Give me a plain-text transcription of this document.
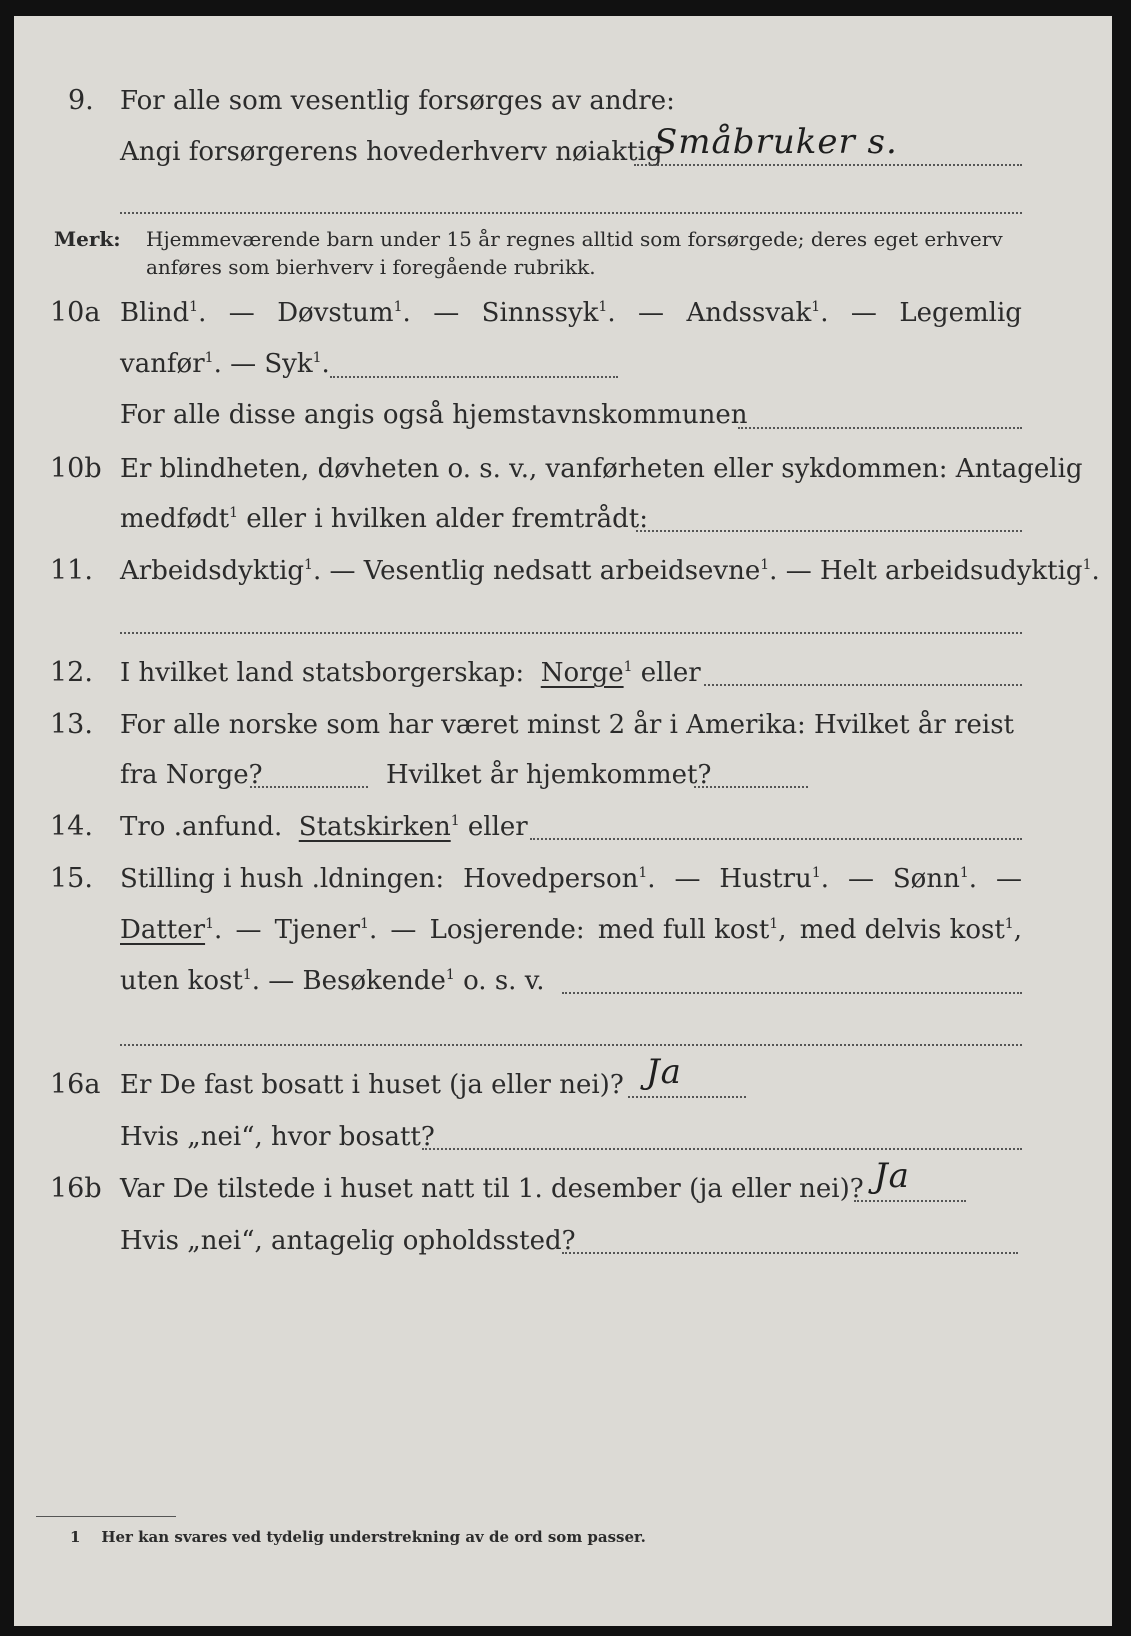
9. For alle som vesentlig forsørges av andre:
Angi forsørgerens hovederhverv nøiaktig
Småbruker s.
Merk: Hjemmeværende barn under 15 år regnes alltid som forsørgede; deres eget erhverv
anføres som bierhverv i foregående rubrikk.
10a Blind$^1$. — Døvstum$^1$. — Sinnssyk$^1$. — Andssvak$^1$. — Legemlig
vanfør$^1$. — Syk$^1$.
For alle disse angis også hjemstavnskommunen
10b Er blindheten, døvheten o. s. v., vanførheten eller sykdommen: Antagelig
medfødt$^1$ eller i hvilken alder fremtrådt:
11. Arbeidsdyktig$^1$. — Vesentlig nedsatt arbeidsevne$^1$. — Helt arbeidsudyktig$^1$.
12. I hvilket land statsborgerskap: Norge$^1$ eller
13. For alle norske som har været minst 2 år i Amerika: Hvilket år reist
fra Norge?	Hvilket år hjemkommet?
14. Tro .anfund. Statskirken$^1$ eller
15. Stilling i hush .ldningen: Hovedperson$^1$. — Hustru$^1$. — Sønn$^1$. —
Datter$^1$. — Tjener$^1$. — Losjerende: med full kost$^1$, med delvis kost$^1$,
uten kost$^1$. — Besøkende$^1$ o. s. v.
16a Er De fast bosatt i huset (ja eller nei)? Ja
Hvis „nei“, hvor bosatt?
16b Var De tilstede i huset natt til 1. desember (ja eller nei)? Ja
Hvis „nei“, antagelig opholdssted?
1 Her kan svares ved tydelig understrekning av de ord som passer.
